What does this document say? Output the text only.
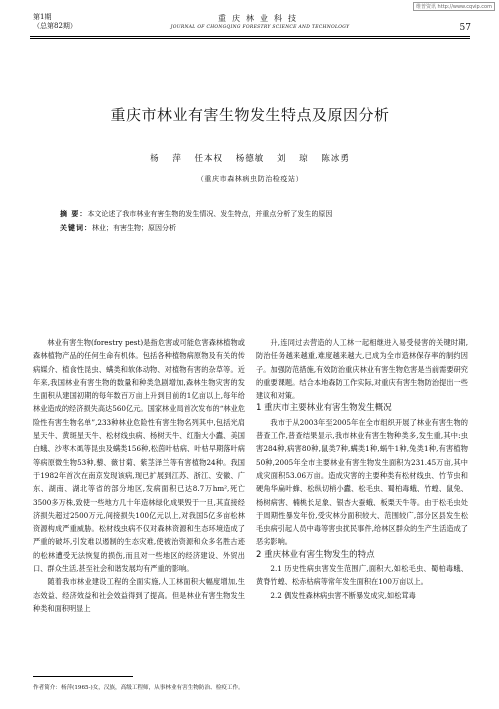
维普资讯 http://www.cqvip.com
第1期
（总第82期）
重庆林业科技
JOURNAL OF CHONGQING FORESTRY SCIENCE AND TECHNOLOGY	57
重庆市林业有害生物发生特点及原因分析
杨 萍 任本权 杨德敏 刘 琼 陈冰勇
（重庆市森林病虫防治检疫站）
摘 要：本文论述了我市林业有害生物的发生情况、发生特点，并重点分析了发生的原因
关键词：林业；有害生物；原因分析

林业有害生物(forestry pest)是指危害或可能危害森林植物或森林植物产品的任何生命有机体。包括各种植物病原物及有关的传病媒介、植食性昆虫、螨类和软体动物、对植物有害的杂草等。近年来,我国林业有害生物的数量和种类急剧增加,森林生物灾害的发生面积从建国初期的每年数百万亩上升到目前的1亿亩以上,每年给林业造成的经济损失高达560亿元。国家林业局首次发布的“林业危险性有害生物名单”,233种林业危险性有害生物名列其中,包括光肩星天牛、黄斑星天牛、松材线虫病、杨树天牛、红脂大小蠹、美国白蛾、沙枣木虱等昆虫及螨类156种,松茵叶枯病、叶枯早期落叶病等病原微生物53种,藜、薇甘菊、紫茎泽兰等有害植物24种。我国于1982年首次在南京发现该病,现已扩展到江苏、浙江、安徽、广东、湖南、湖北等省的部分地区,发病面积已达8.7万hm²,死亡3500多万株,致使一些地方几十年造林绿化成果毁于一旦,其直接经济损失超过2500万元,间接损失100亿元以上,对我国5亿多亩松林资源构成严重威胁。松材线虫病不仅对森林资源和生态环境造成了严重的破坏,引发难以遏制的生态灾难,使被治资源和众多名胜古迹的松林遭受无法恢复的损伤,而且对一些地区的经济建设、外贸出口、群众生活,甚至社会和谐发展均有严重的影响。

随着我市林业建设工程的全面实施,人工林面积大幅度增加,生态效益、经济效益和社会效益得到了提高。但是林业有害生物发生种类和面积明显上

升,连同过去营造的人工林一起相继进入易受侵害的关键时期,防治任务越来越重,难度越来越大,已成为全市造林保存率的制约因子。加强防范措施,有效防治重庆林业有害生物危害是当前需要研究的重要课题。结合本地森防工作实际,对重庆有害生物防治提出一些建议和对策。

1 重庆市主要林业有害生物发生概况

我市于从2003年至2005年在全市组织开展了林业有害生物的普查工作,普查结果显示,我市林业有害生物种类多,发生重,其中:虫害284种,病害80种,鼠类7种,螨类1种,蜗牛1种,兔类1种,有害植物50种,2005年全市主要林业有害生物发生面积为231.45万亩,其中成灾面积53.06万亩。造成灾害的主要种类有松材线虫、竹节虫和硬角华扁叶蜂、松纵切梢小蠹、松毛虫、蜀柏毒蛾、竹蝗、鼠兔、杨树病害、楠桃长足象、银杏大蚕蛾、板栗天牛等。由于松毛虫处于周期性暴发年份,受灾林分面积较大、范围较广,部分区县发生松毛虫病引起人员中毒等害虫扰民事件,给林区群众的生产生活造成了恶劣影响。

2 重庆林业有害生物发生的特点

2.1 历史性病虫害发生范围广,面积大,如松毛虫、蜀柏毒蛾、黄脊竹蝗、松赤枯病等常年发生面积在100万亩以上。

2.2 偶发性森林病虫害不断暴发成灾,如松茸毒

作者简介：杨萍(1965-)女，汉族，高级工程师，从事林业有害生物防治、检疫工作。
